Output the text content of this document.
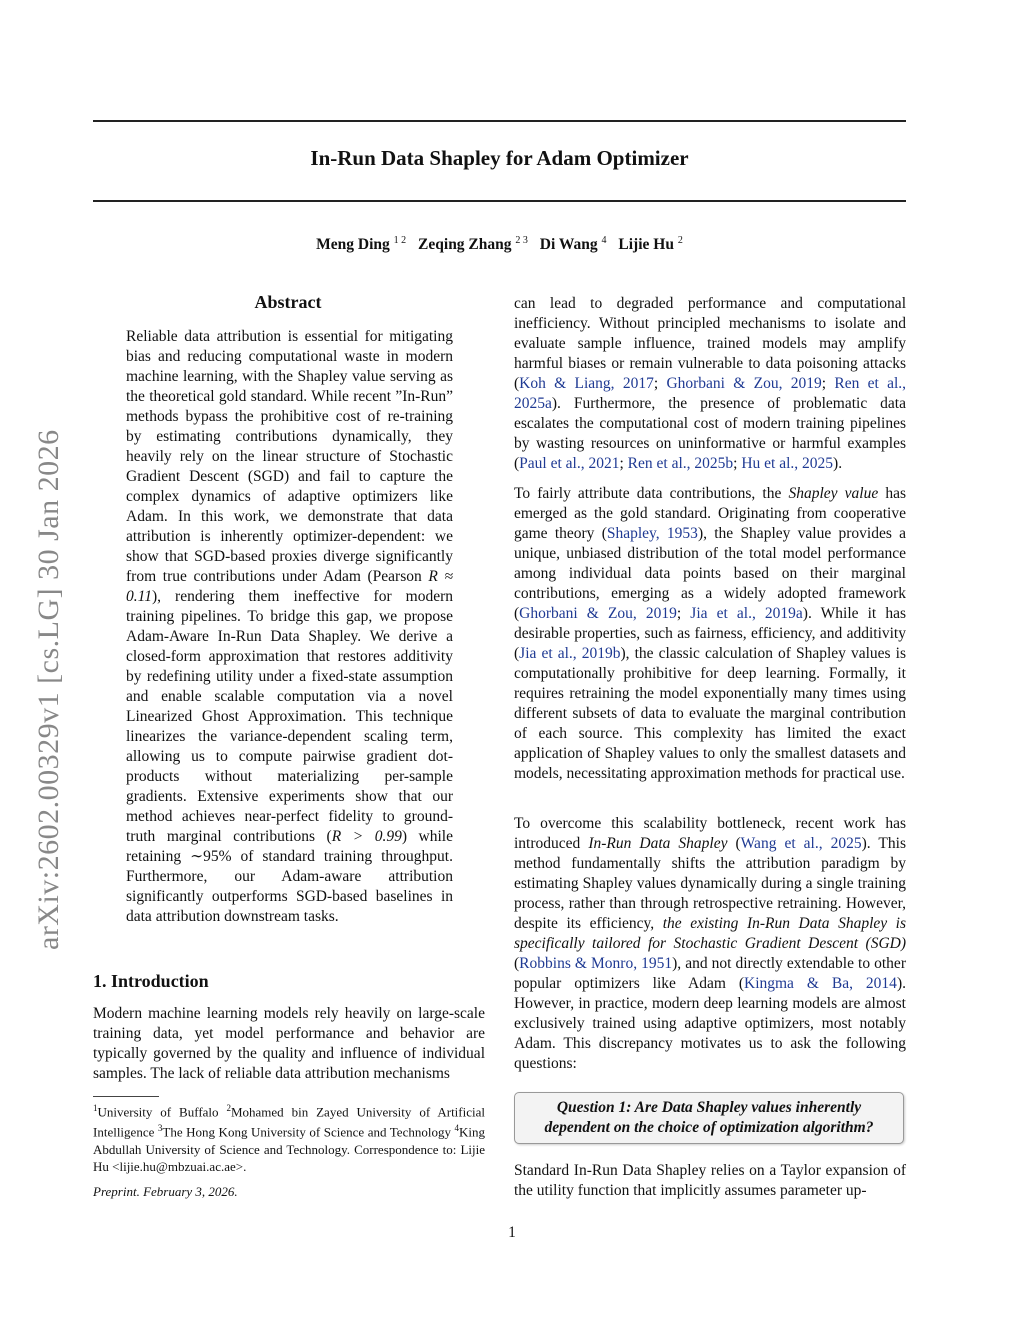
In-Run Data Shapley for Adam Optimizer
Meng Ding $^{1 2}$ Zeqing Zhang $^{2 3}$ Di Wang $^4$ Lijie Hu $^2$
arXiv:2602.00329v1 [cs.LG] 30 Jan 2026
Abstract

Reliable data attribution is essential for mitigating bias and reducing computational waste in modern machine learning, with the Shapley value serving as the theoretical gold standard. While recent ”In-Run” methods bypass the prohibitive cost of re-training by estimating contributions dynamically, they heavily rely on the linear structure of Stochastic Gradient Descent (SGD) and fail to capture the complex dynamics of adaptive optimizers like Adam. In this work, we demonstrate that data attribution is inherently optimizer-dependent: we show that SGD-based proxies diverge significantly from true contributions under Adam (Pearson R ≈ 0.11), rendering them ineffective for modern training pipelines. To bridge this gap, we propose Adam-Aware In-Run Data Shapley. We derive a closed-form approximation that restores additivity by redefining utility under a fixed-state assumption and enable scalable computation via a novel Linearized Ghost Approximation. This technique linearizes the variance-dependent scaling term, allowing us to compute pairwise gradient dot-products without materializing per-sample gradients. Extensive experiments show that our method achieves near-perfect fidelity to ground-truth marginal contributions (R > 0.99) while retaining ∼95% of standard training throughput. Furthermore, our Adam-aware attribution significantly outperforms SGD-based baselines in data attribution downstream tasks.

1. Introduction

Modern machine learning models rely heavily on large-scale training data, yet model performance and behavior are typically governed by the quality and influence of individual samples. The lack of reliable data attribution mechanisms

$^1$University of Buffalo $^2$Mohamed bin Zayed University of Artificial Intelligence $^3$The Hong Kong University of Science and Technology $^4$King Abdullah University of Science and Technology. Correspondence to: Lijie Hu <lijie.hu@mbzuai.ac.ae>.
Preprint. February 3, 2026.

can lead to degraded performance and computational inefficiency. Without principled mechanisms to isolate and evaluate sample influence, trained models may amplify harmful biases or remain vulnerable to data poisoning attacks (Koh & Liang, 2017; Ghorbani & Zou, 2019; Ren et al., 2025a). Furthermore, the presence of problematic data escalates the computational cost of modern training pipelines by wasting resources on uninformative or harmful examples (Paul et al., 2021; Ren et al., 2025b; Hu et al., 2025).

To fairly attribute data contributions, the Shapley value has emerged as the gold standard. Originating from cooperative game theory (Shapley, 1953), the Shapley value provides a unique, unbiased distribution of the total model performance among individual data points based on their marginal contributions, emerging as a widely adopted framework (Ghorbani & Zou, 2019; Jia et al., 2019a). While it has desirable properties, such as fairness, efficiency, and additivity (Jia et al., 2019b), the classic calculation of Shapley values is computationally prohibitive for deep learning. Formally, it requires retraining the model exponentially many times using different subsets of data to evaluate the marginal contribution of each source. This complexity has limited the exact application of Shapley values to only the smallest datasets and models, necessitating approximation methods for practical use.

To overcome this scalability bottleneck, recent work has introduced In-Run Data Shapley (Wang et al., 2025). This method fundamentally shifts the attribution paradigm by estimating Shapley values dynamically during a single training process, rather than through retrospective retraining. However, despite its efficiency, the existing In-Run Data Shapley is specifically tailored for Stochastic Gradient Descent (SGD) (Robbins & Monro, 1951), and not directly extendable to other popular optimizers like Adam (Kingma & Ba, 2014). However, in practice, modern deep learning models are almost exclusively trained using adaptive optimizers, most notably Adam. This discrepancy motivates us to ask the following questions:

Question 1: Are Data Shapley values inherently dependent on the choice of optimization algorithm?

Standard In-Run Data Shapley relies on a Taylor expansion of the utility function that implicitly assumes parameter up-

1
